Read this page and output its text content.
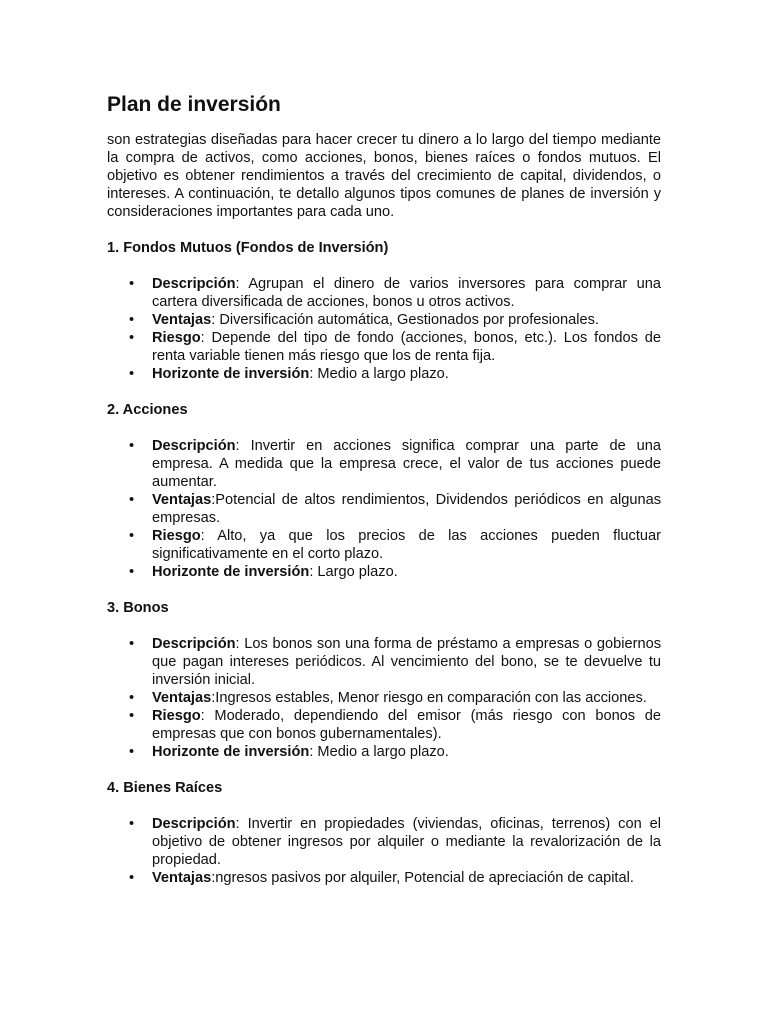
Plan de inversión

son estrategias diseñadas para hacer crecer tu dinero a lo largo del tiempo mediante la compra de activos, como acciones, bonos, bienes raíces o fondos mutuos. El objetivo es obtener rendimientos a través del crecimiento de capital, dividendos, o intereses. A continuación, te detallo algunos tipos comunes de planes de inversión y consideraciones importantes para cada uno.

1. Fondos Mutuos (Fondos de Inversión)

•	Descripción: Agrupan el dinero de varios inversores para comprar una cartera diversificada de acciones, bonos u otros activos.
•	Ventajas: Diversificación automática, Gestionados por profesionales.
•	Riesgo: Depende del tipo de fondo (acciones, bonos, etc.). Los fondos de renta variable tienen más riesgo que los de renta fija.
•	Horizonte de inversión: Medio a largo plazo.

2. Acciones

•	Descripción: Invertir en acciones significa comprar una parte de una empresa. A medida que la empresa crece, el valor de tus acciones puede aumentar.
•	Ventajas:Potencial de altos rendimientos, Dividendos periódicos en algunas empresas.
•	Riesgo: Alto, ya que los precios de las acciones pueden fluctuar significativamente en el corto plazo.
•	Horizonte de inversión: Largo plazo.

3. Bonos

•	Descripción: Los bonos son una forma de préstamo a empresas o gobiernos que pagan intereses periódicos. Al vencimiento del bono, se te devuelve tu inversión inicial.
•	Ventajas:Ingresos estables, Menor riesgo en comparación con las acciones.
•	Riesgo: Moderado, dependiendo del emisor (más riesgo con bonos de empresas que con bonos gubernamentales).
•	Horizonte de inversión: Medio a largo plazo.

4. Bienes Raíces

•	Descripción: Invertir en propiedades (viviendas, oficinas, terrenos) con el objetivo de obtener ingresos por alquiler o mediante la revalorización de la propiedad.
•	Ventajas:ngresos pasivos por alquiler, Potencial de apreciación de capital.
